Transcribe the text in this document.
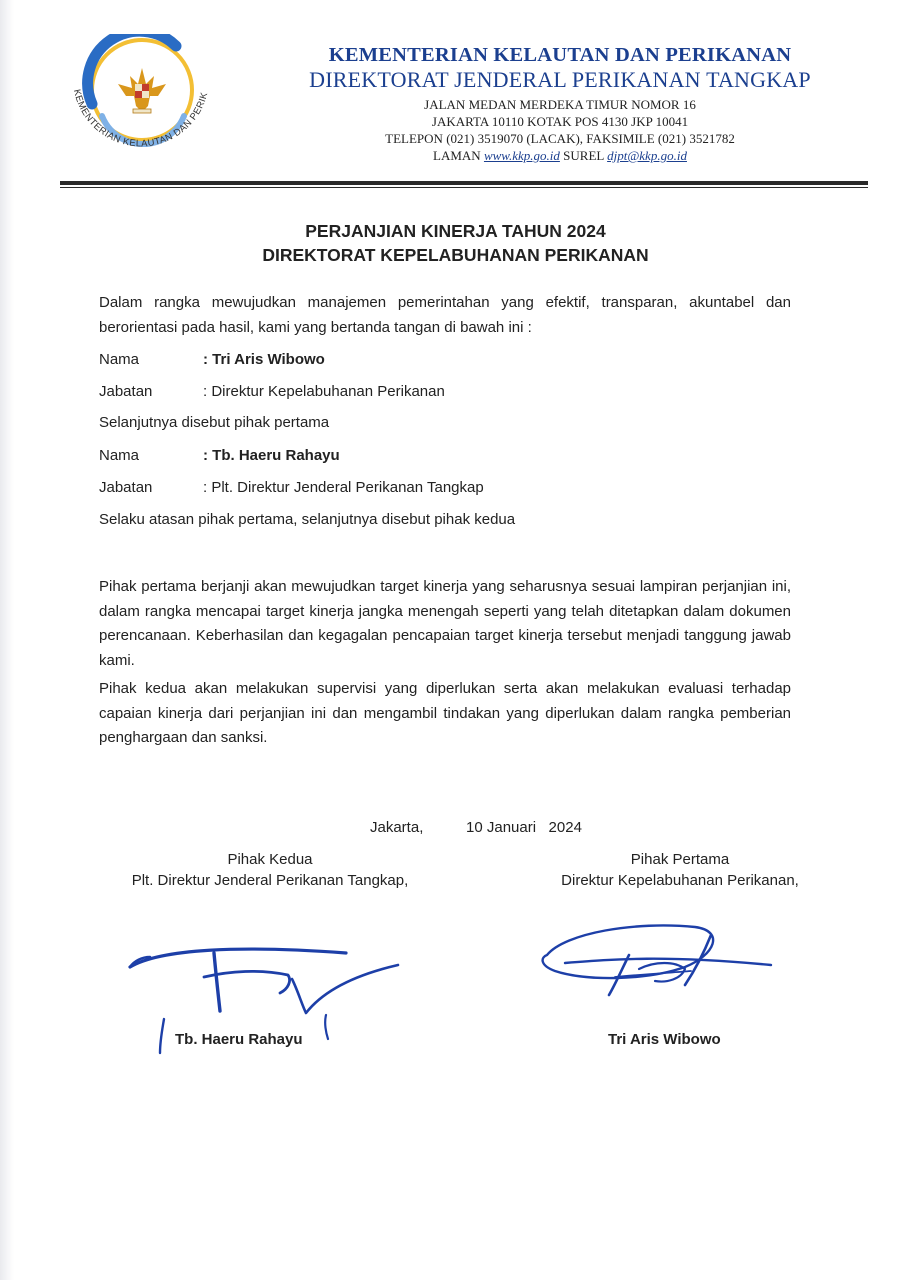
KEMENTERIAN KELAUTAN DAN PERIK
KEMENTERIAN KELAUTAN DAN PERIKANAN
DIREKTORAT JENDERAL PERIKANAN TANGKAP
JALAN MEDAN MERDEKA TIMUR NOMOR 16
JAKARTA 10110 KOTAK POS 4130 JKP 10041
TELEPON (021) 3519070 (LACAK), FAKSIMILE (021) 3521782
LAMAN www.kkp.go.id SUREL djpt@kkp.go.id
PERJANJIAN KINERJA TAHUN 2024
DIREKTORAT KEPELABUHANAN PERIKANAN
Dalam rangka mewujudkan manajemen pemerintahan yang efektif, transparan, akuntabel dan berorientasi pada hasil, kami yang bertanda tangan di bawah ini :
Nama	: Tri Aris Wibowo
Jabatan	: Direktur Kepelabuhanan Perikanan
Selanjutnya disebut pihak pertama
Nama	: Tb. Haeru Rahayu
Jabatan	: Plt. Direktur Jenderal Perikanan Tangkap
Selaku atasan pihak pertama, selanjutnya disebut pihak kedua
Pihak pertama berjanji akan mewujudkan target kinerja yang seharusnya sesuai lampiran perjanjian ini, dalam rangka mencapai target kinerja jangka menengah seperti yang telah ditetapkan dalam dokumen perencanaan. Keberhasilan dan kegagalan pencapaian target kinerja tersebut menjadi tanggung jawab kami.
Pihak kedua akan melakukan supervisi yang diperlukan serta akan melakukan evaluasi terhadap capaian kinerja dari perjanjian ini dan mengambil tindakan yang diperlukan dalam rangka pemberian penghargaan dan sanksi.
Jakarta,	10 Januari   2024
Pihak Kedua
Plt. Direktur Jenderal Perikanan Tangkap,
Tb. Haeru Rahayu
Pihak Pertama
Direktur Kepelabuhanan Perikanan,
Tri Aris Wibowo
